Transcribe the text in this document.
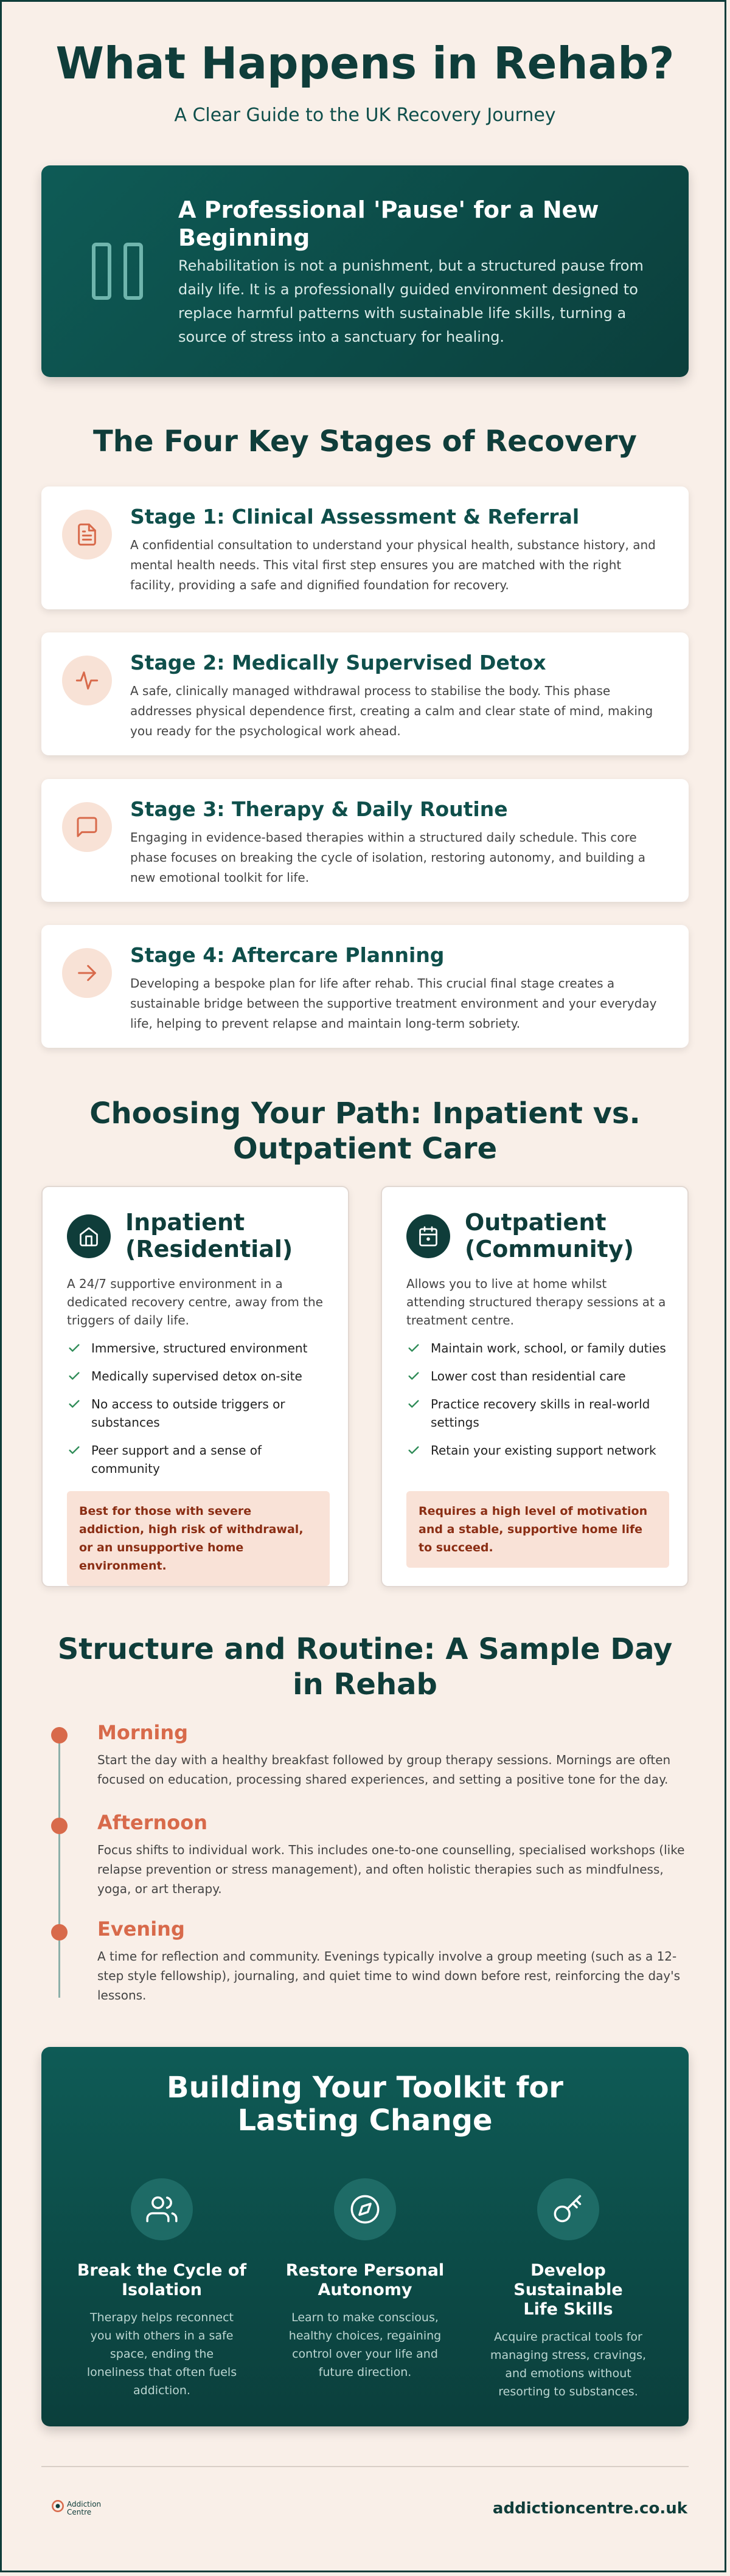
What Happens in Rehab?
A Clear Guide to the UK Recovery Journey
A Professional 'Pause' for a New Beginning
Rehabilitation is not a punishment, but a structured pause from daily life. It is a professionally guided environment designed to replace harmful patterns with sustainable life skills, turning a source of stress into a sanctuary for healing.
The Four Key Stages of Recovery
Stage 1: Clinical Assessment & Referral
A confidential consultation to understand your physical health, substance history, and mental health needs. This vital first step ensures you are matched with the right facility, providing a safe and dignified foundation for recovery.
Stage 2: Medically Supervised Detox
A safe, clinically managed withdrawal process to stabilise the body. This phase addresses physical dependence first, creating a calm and clear state of mind, making you ready for the psychological work ahead.
Stage 3: Therapy & Daily Routine
Engaging in evidence-based therapies within a structured daily schedule. This core phase focuses on breaking the cycle of isolation, restoring autonomy, and building a new emotional toolkit for life.
Stage 4: Aftercare Planning
Developing a bespoke plan for life after rehab. This crucial final stage creates a sustainable bridge between the supportive treatment environment and your everyday life, helping to prevent relapse and maintain long-term sobriety.
Choosing Your Path: Inpatient vs. Outpatient Care
Inpatient (Residential)
A 24/7 supportive environment in a dedicated recovery centre, away from the triggers of daily life.
Immersive, structured environment
Medically supervised detox on-site
No access to outside triggers or substances
Peer support and a sense of community
Best for those with severe addiction, high risk of withdrawal, or an unsupportive home environment.
Outpatient (Community)
Allows you to live at home whilst attending structured therapy sessions at a treatment centre.
Maintain work, school, or family duties
Lower cost than residential care
Practice recovery skills in real-world settings
Retain your existing support network
Requires a high level of motivation and a stable, supportive home life to succeed.
Structure and Routine: A Sample Day in Rehab
Morning
Start the day with a healthy breakfast followed by group therapy sessions. Mornings are often focused on education, processing shared experiences, and setting a positive tone for the day.
Afternoon
Focus shifts to individual work. This includes one-to-one counselling, specialised workshops (like relapse prevention or stress management), and often holistic therapies such as mindfulness, yoga, or art therapy.
Evening
A time for reflection and community. Evenings typically involve a group meeting (such as a 12-step style fellowship), journaling, and quiet time to wind down before rest, reinforcing the day's lessons.
Building Your Toolkit for Lasting Change
Break the Cycle of Isolation
Therapy helps reconnect you with others in a safe space, ending the loneliness that often fuels addiction.
Restore Personal Autonomy
Learn to make conscious, healthy choices, regaining control over your life and future direction.
Develop Sustainable Life Skills
Acquire practical tools for managing stress, cravings, and emotions without resorting to substances.
Addiction
Centre	addictioncentre.co.uk
